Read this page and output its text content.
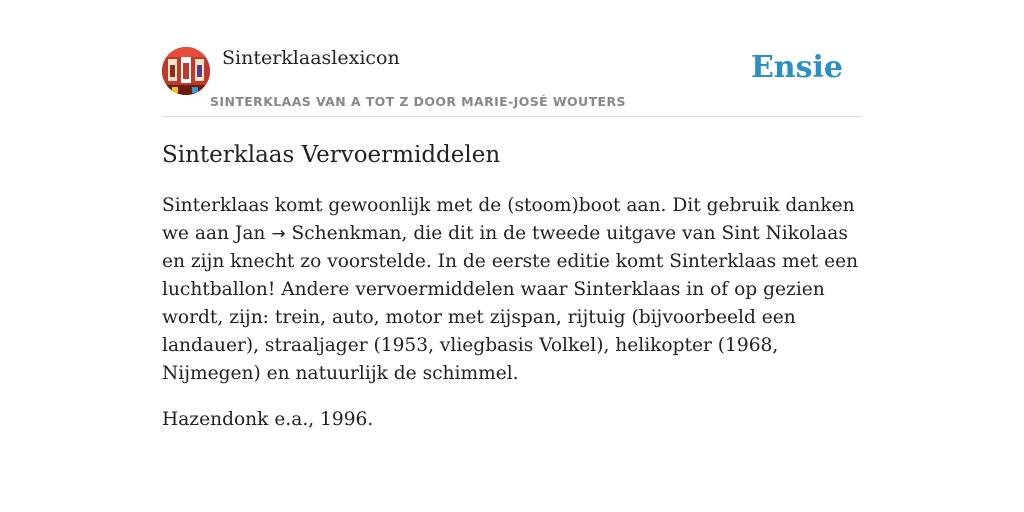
Sinterklaaslexicon
SINTERKLAAS VAN A TOT Z DOOR MARIE-JOSÉ WOUTERS
Ensie
Sinterklaas Vervoermiddelen

Sinterklaas komt gewoonlijk met de (stoom)boot aan. Dit gebruik danken we aan Jan → Schenkman, die dit in de tweede uitgave van Sint Nikolaas en zijn knecht zo voorstelde. In de eerste editie komt Sinterklaas met een luchtballon! Andere vervoermiddelen waar Sinterklaas in of op gezien wordt, zijn: trein, auto, motor met zijspan, rijtuig (bijvoorbeeld een landauer), straaljager (1953, vliegbasis Volkel), helikopter (1968, Nijmegen) en natuurlijk de schimmel.

Hazendonk e.a., 1996.
